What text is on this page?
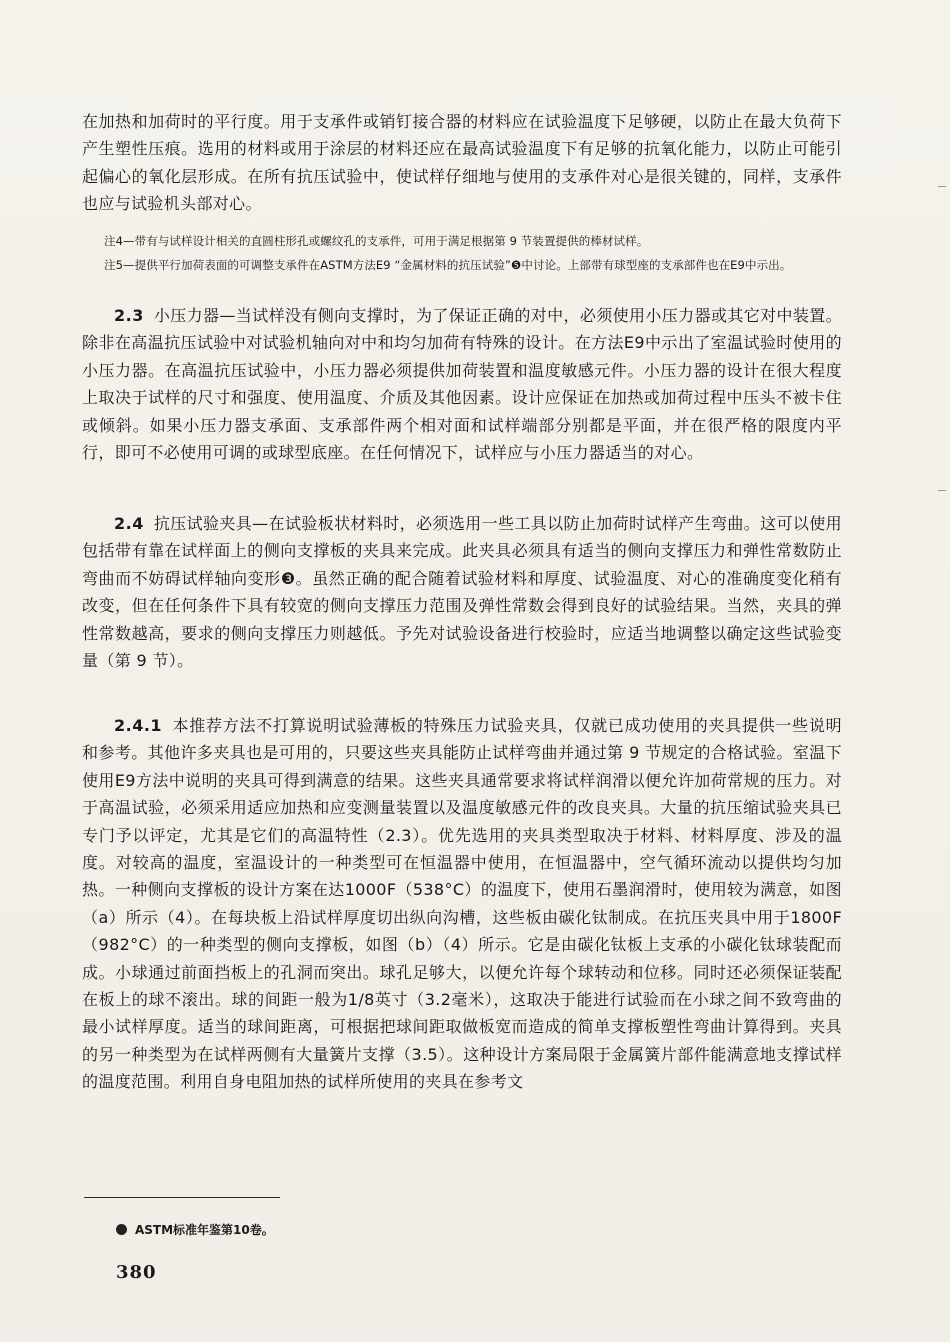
在加热和加荷时的平行度。用于支承件或销钉接合器的材料应在试验温度下足够硬，以防止在最大负荷下产生塑性压痕。选用的材料或用于涂层的材料还应在最高试验温度下有足够的抗氧化能力，以防止可能引起偏心的氧化层形成。在所有抗压试验中，使试样仔细地与使用的支承件对心是很关键的，同样，支承件也应与试验机头部对心。

注4—带有与试样设计相关的直圆柱形孔或螺纹孔的支承件，可用于满足根据第 9 节装置提供的棒材试样。

注5—提供平行加荷表面的可调整支承件在ASTM方法E9 “金属材料的抗压试验”❺中讨论。上部带有球型座的支承部件也在E9中示出。

2.3 小压力器—当试样没有侧向支撑时，为了保证正确的对中，必须使用小压力器或其它对中装置。除非在高温抗压试验中对试验机轴向对中和均匀加荷有特殊的设计。在方法E9中示出了室温试验时使用的小压力器。在高温抗压试验中，小压力器必须提供加荷装置和温度敏感元件。小压力器的设计在很大程度上取决于试样的尺寸和强度、使用温度、介质及其他因素。设计应保证在加热或加荷过程中压头不被卡住或倾斜。如果小压力器支承面、支承部件两个相对面和试样端部分别都是平面，并在很严格的限度内平行，即可不必使用可调的或球型底座。在任何情况下，试样应与小压力器适当的对心。

2.4 抗压试验夹具—在试验板状材料时，必须选用一些工具以防止加荷时试样产生弯曲。这可以使用包括带有靠在试样面上的侧向支撑板的夹具来完成。此夹具必须具有适当的侧向支撑压力和弹性常数防止弯曲而不妨碍试样轴向变形❸。虽然正确的配合随着试验材料和厚度、试验温度、对心的准确度变化稍有改变，但在任何条件下具有较宽的侧向支撑压力范围及弹性常数会得到良好的试验结果。当然，夹具的弹性常数越高，要求的侧向支撑压力则越低。予先对试验设备进行校验时，应适当地调整以确定这些试验变量（第 9 节）。

2.4.1 本推荐方法不打算说明试验薄板的特殊压力试验夹具，仅就已成功使用的夹具提供一些说明和参考。其他许多夹具也是可用的，只要这些夹具能防止试样弯曲并通过第 9 节规定的合格试验。室温下使用E9方法中说明的夹具可得到满意的结果。这些夹具通常要求将试样润滑以便允许加荷常规的压力。对于高温试验，必须采用适应加热和应变测量装置以及温度敏感元件的改良夹具。大量的抗压缩试验夹具已专门予以评定，尤其是它们的高温特性（2.3）。优先选用的夹具类型取决于材料、材料厚度、涉及的温度。对较高的温度，室温设计的一种类型可在恒温器中使用，在恒温器中，空气循环流动以提供均匀加热。一种侧向支撑板的设计方案在达1000F（538°C）的温度下，使用石墨润滑时，使用较为满意，如图（a）所示（4）。在每块板上沿试样厚度切出纵向沟槽，这些板由碳化钛制成。在抗压夹具中用于1800F（982°C）的一种类型的侧向支撑板，如图（b）（4）所示。它是由碳化钛板上支承的小碳化钛球装配而成。小球通过前面挡板上的孔洞而突出。球孔足够大，以便允许每个球转动和位移。同时还必须保证装配在板上的球不滚出。球的间距一般为1/8英寸（3.2毫米），这取决于能进行试验而在小球之间不致弯曲的最小试样厚度。适当的球间距离，可根据把球间距取做板宽而造成的简单支撑板塑性弯曲计算得到。夹具的另一种类型为在试样两侧有大量簧片支撑（3.5）。这种设计方案局限于金属簧片部件能满意地支撑试样的温度范围。利用自身电阻加热的试样所使用的夹具在参考文

ASTM标准年鉴第10卷。
380
